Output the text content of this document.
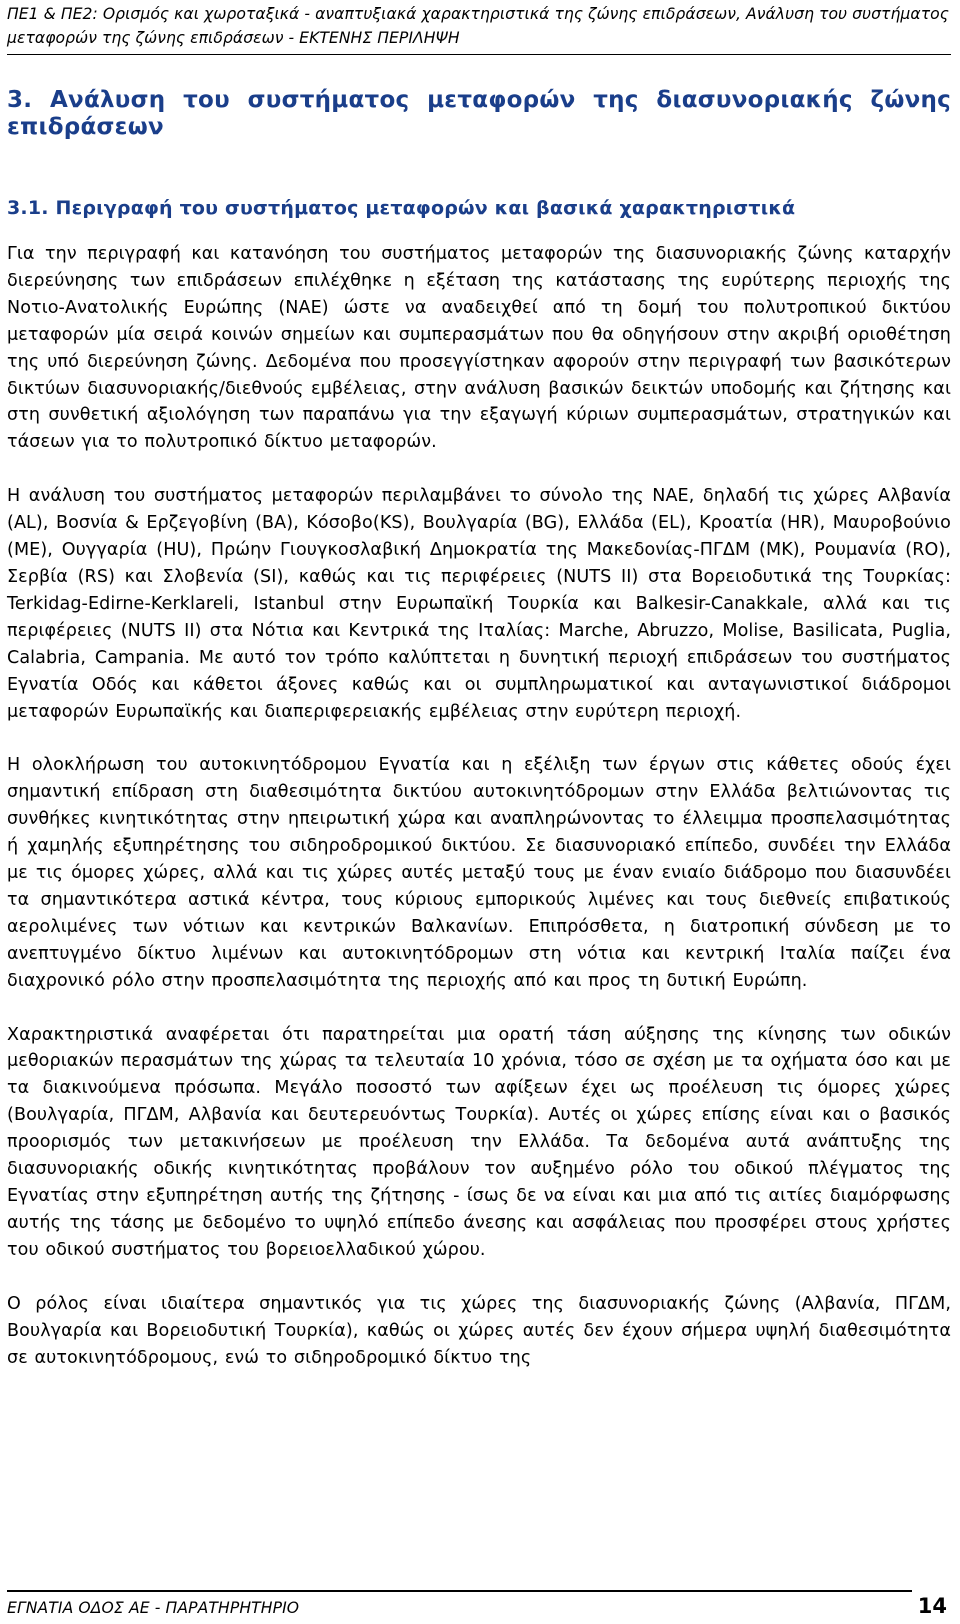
ΠΕ1 & ΠΕ2: Ορισμός και χωροταξικά - αναπτυξιακά χαρακτηριστικά της ζώνης επιδράσεων, Ανάλυση του συστήματος μεταφορών της ζώνης επιδράσεων - ΕΚΤΕΝΗΣ ΠΕΡΙΛΗΨΗ
3. Ανάλυση του συστήματος μεταφορών της διασυνοριακής ζώνης επιδράσεων
3.1. Περιγραφή του συστήματος μεταφορών και βασικά χαρακτηριστικά

Για την περιγραφή και κατανόηση του συστήματος μεταφορών της διασυνοριακής ζώνης καταρχήν διερεύνησης των επιδράσεων επιλέχθηκε η εξέταση της κατάστασης της ευρύτερης περιοχής της Νοτιο-Ανατολικής Ευρώπης (ΝΑΕ) ώστε να αναδειχθεί από τη δομή του πολυτροπικού δικτύου μεταφορών μία σειρά κοινών σημείων και συμπερασμάτων που θα οδηγήσουν στην ακριβή οριοθέτηση της υπό διερεύνηση ζώνης. Δεδομένα που προσεγγίστηκαν αφορούν στην περιγραφή των βασικότερων δικτύων διασυνοριακής/διεθνούς εμβέλειας, στην ανάλυση βασικών δεικτών υποδομής και ζήτησης και στη συνθετική αξιολόγηση των παραπάνω για την εξαγωγή κύριων συμπερασμάτων, στρατηγικών και τάσεων για το πολυτροπικό δίκτυο μεταφορών.

Η ανάλυση του συστήματος μεταφορών περιλαμβάνει το σύνολο της ΝΑΕ, δηλαδή τις χώρες Αλβανία (AL), Βοσνία & Ερζεγοβίνη (BA), Κόσοβο(KS), Βουλγαρία (BG), Ελλάδα (EL), Κροατία (HR), Μαυροβούνιο (ME), Ουγγαρία (HU), Πρώην Γιουγκοσλαβική Δημοκρατία της Μακεδονίας-ΠΓΔΜ (MK), Ρουμανία (RO), Σερβία (RS) και Σλοβενία (SI), καθώς και τις περιφέρειες (NUTS II) στα Βορειοδυτικά της Τουρκίας: Terkidag-Edirne-Kerklareli, Istanbul στην Ευρωπαϊκή Τουρκία και Balkesir-Canakkale, αλλά και τις περιφέρειες (NUTS II) στα Νότια και Κεντρικά της Ιταλίας: Marche, Abruzzo, Molise, Basilicata, Puglia, Calabria, Campania. Με αυτό τον τρόπο καλύπτεται η δυνητική περιοχή επιδράσεων του συστήματος Εγνατία Οδός και κάθετοι άξονες καθώς και οι συμπληρωματικοί και ανταγωνιστικοί διάδρομοι μεταφορών Ευρωπαϊκής και διαπεριφερειακής εμβέλειας στην ευρύτερη περιοχή.

Η ολοκλήρωση του αυτοκινητόδρομου Εγνατία και η εξέλιξη των έργων στις κάθετες οδούς έχει σημαντική επίδραση στη διαθεσιμότητα δικτύου αυτοκινητόδρομων στην Ελλάδα βελτιώνοντας τις συνθήκες κινητικότητας στην ηπειρωτική χώρα και αναπληρώνοντας το έλλειμμα προσπελασιμότητας ή χαμηλής εξυπηρέτησης του σιδηροδρομικού δικτύου. Σε διασυνοριακό επίπεδο, συνδέει την Ελλάδα με τις όμορες χώρες, αλλά και τις χώρες αυτές μεταξύ τους με έναν ενιαίο διάδρομο που διασυνδέει τα σημαντικότερα αστικά κέντρα, τους κύριους εμπορικούς λιμένες και τους διεθνείς επιβατικούς αερολιμένες των νότιων και κεντρικών Βαλκανίων. Επιπρόσθετα, η διατροπική σύνδεση με το ανεπτυγμένο δίκτυο λιμένων και αυτοκινητόδρομων στη νότια και κεντρική Ιταλία παίζει ένα διαχρονικό ρόλο στην προσπελασιμότητα της περιοχής από και προς τη δυτική Ευρώπη.

Χαρακτηριστικά αναφέρεται ότι παρατηρείται μια ορατή τάση αύξησης της κίνησης των οδικών μεθοριακών περασμάτων της χώρας τα τελευταία 10 χρόνια, τόσο σε σχέση με τα οχήματα όσο και με τα διακινούμενα πρόσωπα. Μεγάλο ποσοστό των αφίξεων έχει ως προέλευση τις όμορες χώρες (Βουλγαρία, ΠΓΔΜ, Αλβανία και δευτερευόντως Τουρκία). Αυτές οι χώρες επίσης είναι και ο βασικός προορισμός των μετακινήσεων με προέλευση την Ελλάδα. Τα δεδομένα αυτά ανάπτυξης της διασυνοριακής οδικής κινητικότητας προβάλουν τον αυξημένο ρόλο του οδικού πλέγματος της Εγνατίας στην εξυπηρέτηση αυτής της ζήτησης - ίσως δε να είναι και μια από τις αιτίες διαμόρφωσης αυτής της τάσης με δεδομένο το υψηλό επίπεδο άνεσης και ασφάλειας που προσφέρει στους χρήστες του οδικού συστήματος του βορειοελλαδικού χώρου.

Ο ρόλος είναι ιδιαίτερα σημαντικός για τις χώρες της διασυνοριακής ζώνης (Αλβανία, ΠΓΔΜ, Βουλγαρία και Βορειοδυτική Τουρκία), καθώς οι χώρες αυτές δεν έχουν σήμερα υψηλή διαθεσιμότητα σε αυτοκινητόδρομους, ενώ το σιδηροδρομικό δίκτυο της

ΕΓΝΑΤΙΑ ΟΔΟΣ ΑΕ - ΠΑΡΑΤΗΡΗΤΗΡΙΟ	14
